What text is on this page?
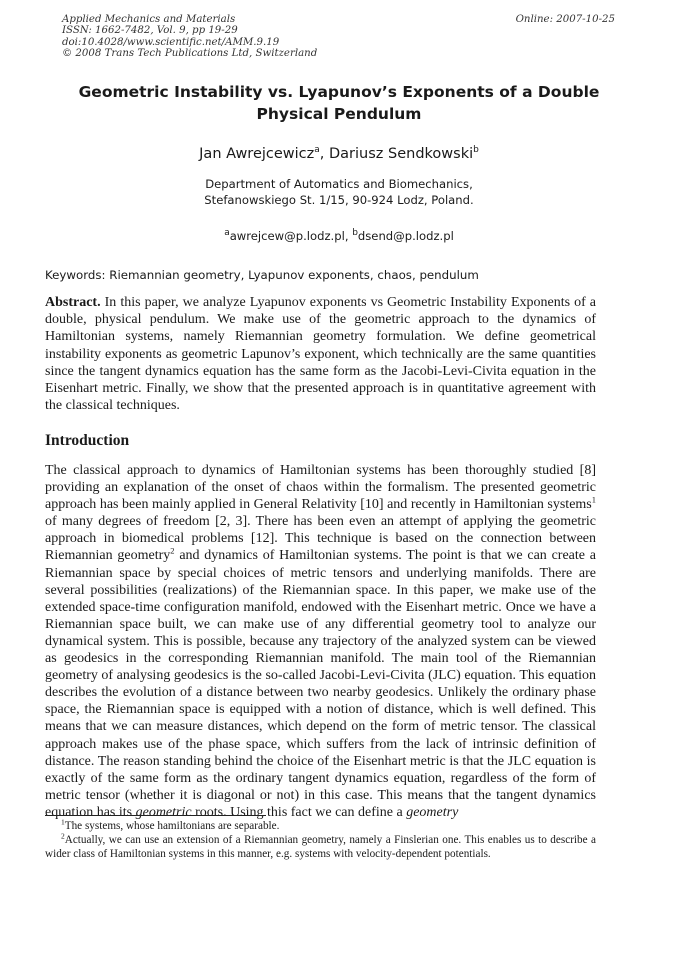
Applied Mechanics and Materials
ISSN: 1662-7482, Vol. 9, pp 19-29
doi:10.4028/www.scientific.net/AMM.9.19
© 2008 Trans Tech Publications Ltd, Switzerland
Online: 2007-10-25
Geometric Instability vs. Lyapunov’s Exponents of a Double Physical Pendulum
Jan Awrejcewicz$^a$, Dariusz Sendkowski$^b$
Department of Automatics and Biomechanics,
Stefanowskiego St. 1/15, 90-924 Lodz, Poland.
$^a$awrejcew@p.lodz.pl, $^b$dsend@p.lodz.pl
Keywords: Riemannian geometry, Lyapunov exponents, chaos, pendulum
Abstract. In this paper, we analyze Lyapunov exponents vs Geometric Instability Exponents of a double, physical pendulum. We make use of the geometric approach to the dynamics of Hamiltonian systems, namely Riemannian geometry formulation. We define geometrical instability exponents as geometric Lapunov’s exponent, which technically are the same quantities since the tangent dynamics equation has the same form as the Jacobi-Levi-Civita equation in the Eisenhart metric. Finally, we show that the presented approach is in quantitative agreement with the classical techniques.
Introduction
The classical approach to dynamics of Hamiltonian systems has been thoroughly studied [8] providing an explanation of the onset of chaos within the formalism. The presented geometric approach has been mainly applied in General Relativity [10] and recently in Hamiltonian systems$^1$ of many degrees of freedom [2, 3]. There has been even an attempt of applying the geometric approach in biomedical problems [12]. This technique is based on the connection between Riemannian geometry$^2$ and dynamics of Hamiltonian systems. The point is that we can create a Riemannian space by special choices of metric tensors and underlying manifolds. There are several possibilities (realizations) of the Riemannian space. In this paper, we make use of the extended space-time configuration manifold, endowed with the Eisenhart metric. Once we have a Riemannian space built, we can make use of any differential geometry tool to analyze our dynamical system. This is possible, because any trajectory of the analyzed system can be viewed as geodesics in the corresponding Riemannian manifold. The main tool of the Riemannian geometry of analysing geodesics is the so-called Jacobi-Levi-Civita (JLC) equation. This equation describes the evolution of a distance between two nearby geodesics. Unlikely the ordinary phase space, the Riemannian space is equipped with a notion of distance, which is well defined. This means that we can measure distances, which depend on the form of metric tensor. The classical approach makes use of the phase space, which suffers from the lack of intrinsic definition of distance. The reason standing behind the choice of the Eisenhart metric is that the JLC equation is exactly of the same form as the ordinary tangent dynamics equation, regardless of the form of metric tensor (whether it is diagonal or not) in this case. This means that the tangent dynamics equation has its geometric roots. Using this fact we can define a geometry
$^1$The systems, whose hamiltonians are separable.
$^2$Actually, we can use an extension of a Riemannian geometry, namely a Finslerian one. This enables us to describe a wider class of Hamiltonian systems in this manner, e.g. systems with velocity-dependent potentials.
